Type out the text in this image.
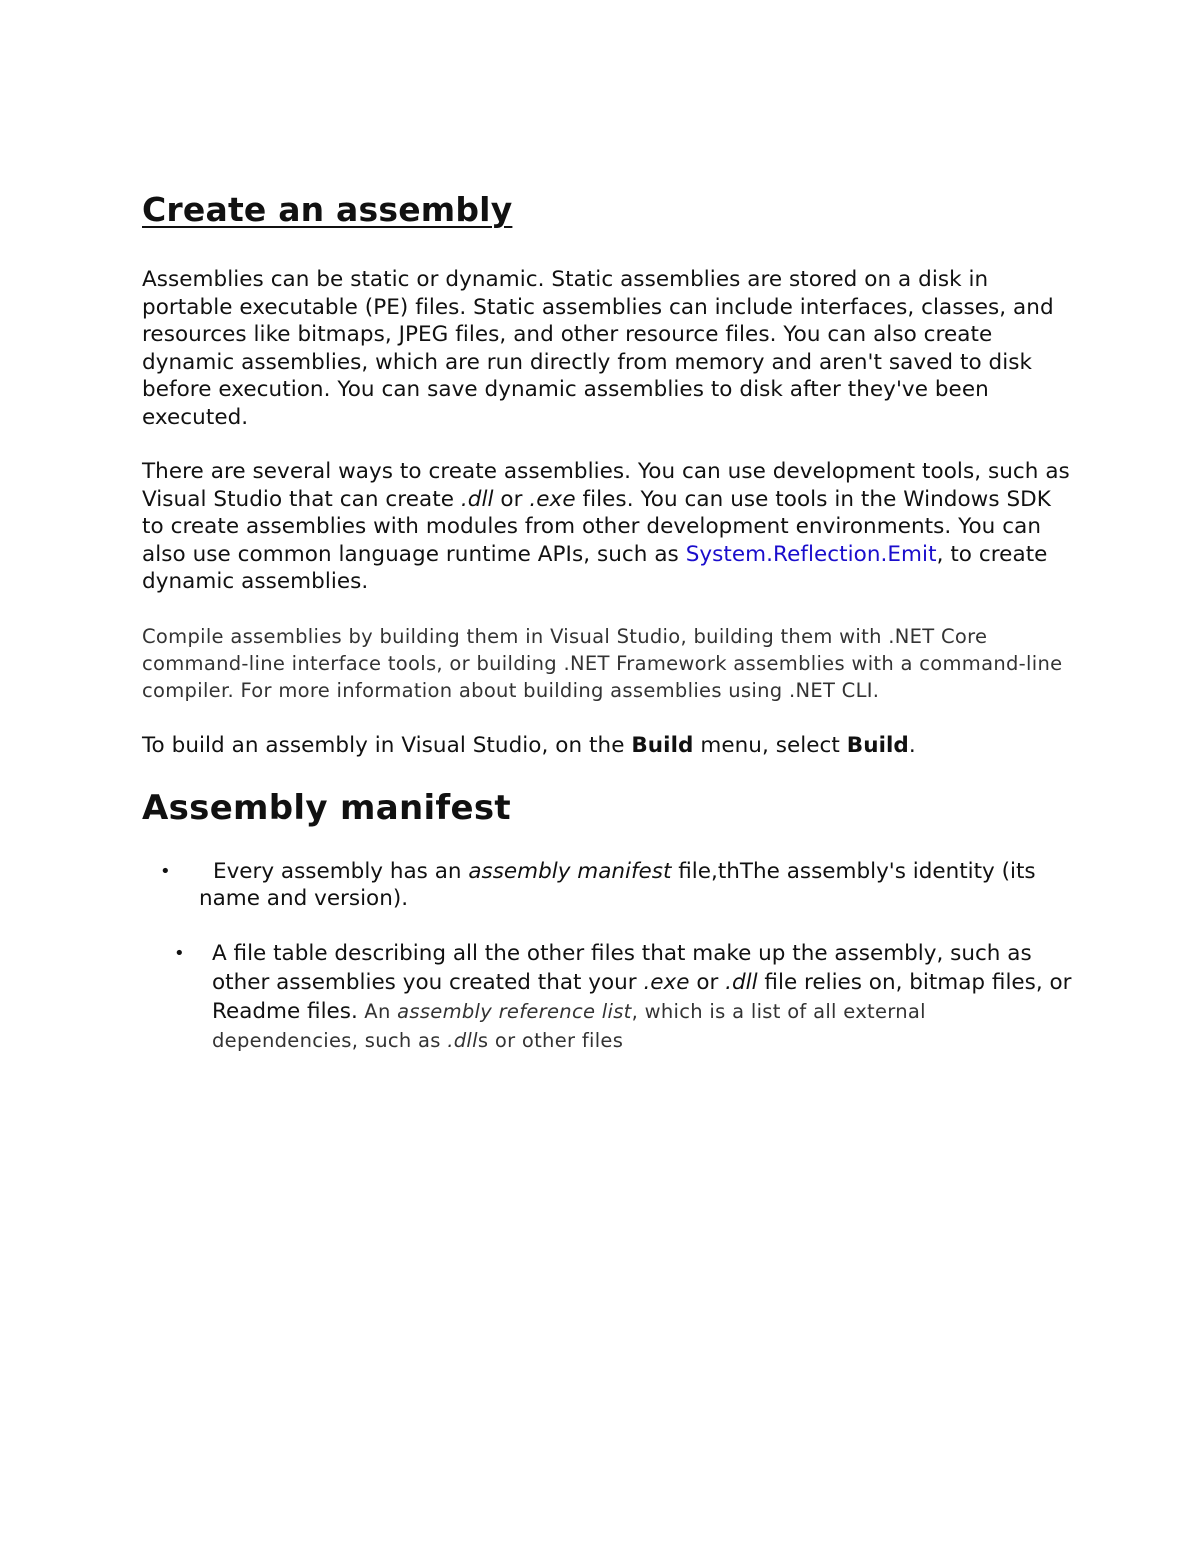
Create an assembly

Assemblies can be static or dynamic. Static assemblies are stored on a disk in portable executable (PE) files. Static assemblies can include interfaces, classes, and resources like bitmaps, JPEG files, and other resource files. You can also create dynamic assemblies, which are run directly from memory and aren't saved to disk before execution. You can save dynamic assemblies to disk after they've been executed.

There are several ways to create assemblies. You can use development tools, such as Visual Studio that can create .dll or .exe files. You can use tools in the Windows SDK to create assemblies with modules from other development environments. You can also use common language runtime APIs, such as System.Reflection.Emit, to create dynamic assemblies.

Compile assemblies by building them in Visual Studio, building them with .NET Core command-line interface tools, or building .NET Framework assemblies with a command-line compiler. For more information about building assemblies using .NET CLI.

To build an assembly in Visual Studio, on the Build menu, select Build.

Assembly manifest
•	Every assembly has an assembly manifest file,thThe assembly's identity (its name and version).
• A file table describing all the other files that make up the assembly, such as other assemblies you created that your .exe or .dll file relies on, bitmap files, or Readme files. An assembly reference list, which is a list of all external dependencies, such as .dlls or other files
